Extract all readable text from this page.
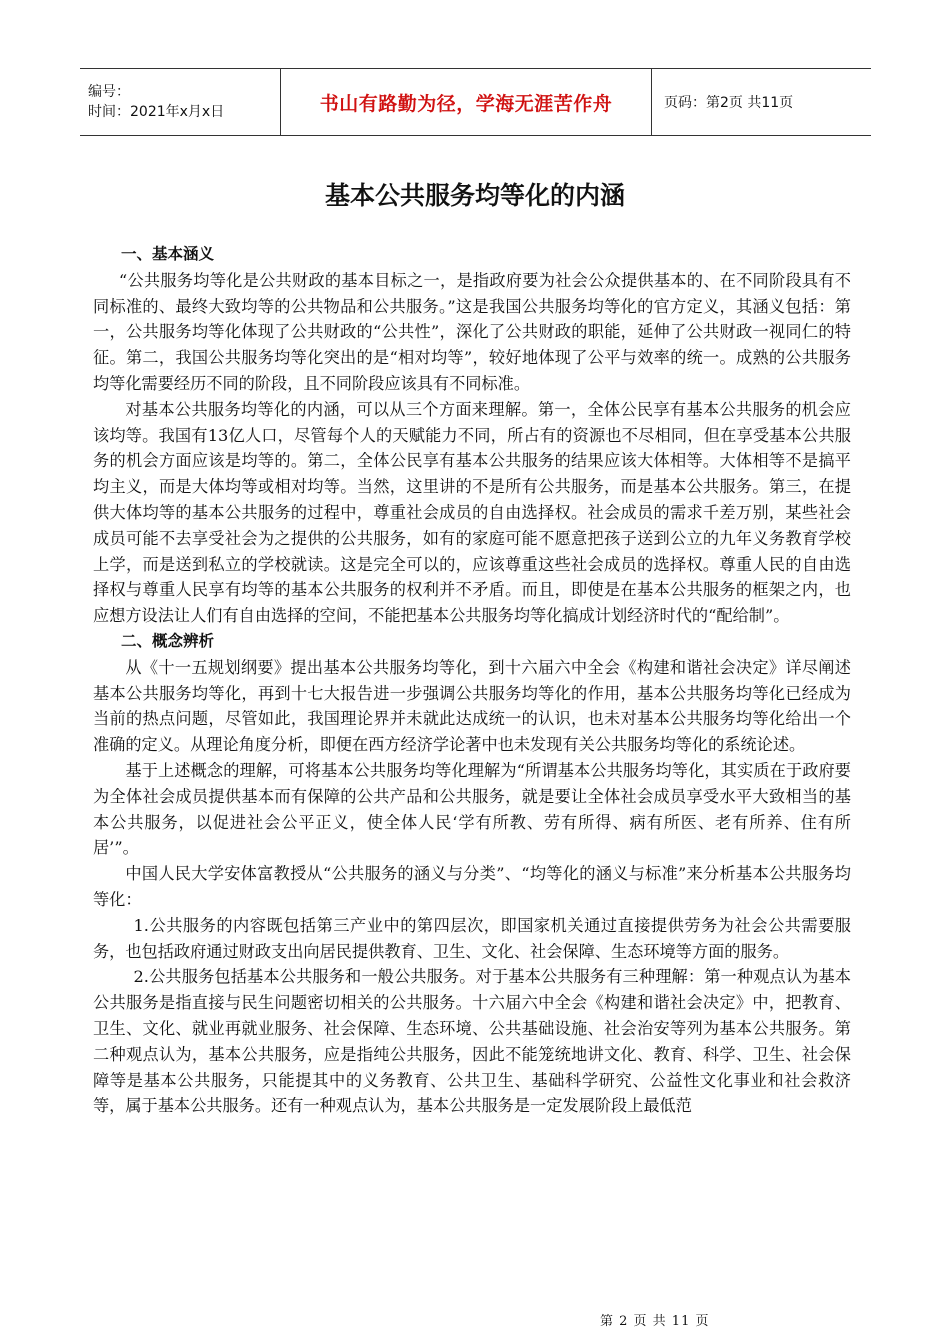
编号：
时间：2021年x月x日	书山有路勤为径，学海无涯苦作舟	页码：第2页 共11页
基本公共服务均等化的内涵
一、基本涵义

“公共服务均等化是公共财政的基本目标之一，是指政府要为社会公众提供基本的、在不同阶段具有不同标准的、最终大致均等的公共物品和公共服务。”这是我国公共服务均等化的官方定义，其涵义包括：第一，公共服务均等化体现了公共财政的“公共性”，深化了公共财政的职能，延伸了公共财政一视同仁的特征。第二，我国公共服务均等化突出的是“相对均等”，较好地体现了公平与效率的统一。成熟的公共服务均等化需要经历不同的阶段，且不同阶段应该具有不同标准。

对基本公共服务均等化的内涵，可以从三个方面来理解。第一，全体公民享有基本公共服务的机会应该均等。我国有13亿人口，尽管每个人的天赋能力不同，所占有的资源也不尽相同，但在享受基本公共服务的机会方面应该是均等的。第二，全体公民享有基本公共服务的结果应该大体相等。大体相等不是搞平均主义，而是大体均等或相对均等。当然，这里讲的不是所有公共服务，而是基本公共服务。第三，在提供大体均等的基本公共服务的过程中，尊重社会成员的自由选择权。社会成员的需求千差万别，某些社会成员可能不去享受社会为之提供的公共服务，如有的家庭可能不愿意把孩子送到公立的九年义务教育学校上学，而是送到私立的学校就读。这是完全可以的，应该尊重这些社会成员的选择权。尊重人民的自由选择权与尊重人民享有均等的基本公共服务的权利并不矛盾。而且，即使是在基本公共服务的框架之内，也应想方设法让人们有自由选择的空间，不能把基本公共服务均等化搞成计划经济时代的“配给制”。

二、概念辨析

从《十一五规划纲要》提出基本公共服务均等化，到十六届六中全会《构建和谐社会决定》详尽阐述基本公共服务均等化，再到十七大报告进一步强调公共服务均等化的作用，基本公共服务均等化已经成为当前的热点问题，尽管如此，我国理论界并未就此达成统一的认识，也未对基本公共服务均等化给出一个准确的定义。从理论角度分析，即便在西方经济学论著中也未发现有关公共服务均等化的系统论述。

基于上述概念的理解，可将基本公共服务均等化理解为“所谓基本公共服务均等化，其实质在于政府要为全体社会成员提供基本而有保障的公共产品和公共服务，就是要让全体社会成员享受水平大致相当的基本公共服务，以促进社会公平正义，使全体人民‘学有所教、劳有所得、病有所医、老有所养、住有所居’”。

中国人民大学安体富教授从“公共服务的涵义与分类”、“均等化的涵义与标准”来分析基本公共服务均等化：

1.公共服务的内容既包括第三产业中的第四层次，即国家机关通过直接提供劳务为社会公共需要服务，也包括政府通过财政支出向居民提供教育、卫生、文化、社会保障、生态环境等方面的服务。

2.公共服务包括基本公共服务和一般公共服务。对于基本公共服务有三种理解：第一种观点认为基本公共服务是指直接与民生问题密切相关的公共服务。十六届六中全会《构建和谐社会决定》中，把教育、卫生、文化、就业再就业服务、社会保障、生态环境、公共基础设施、社会治安等列为基本公共服务。第二种观点认为，基本公共服务，应是指纯公共服务，因此不能笼统地讲文化、教育、科学、卫生、社会保障等是基本公共服务，只能提其中的义务教育、公共卫生、基础科学研究、公益性文化事业和社会救济等，属于基本公共服务。还有一种观点认为，基本公共服务是一定发展阶段上最低范

第 2 页 共 11 页
